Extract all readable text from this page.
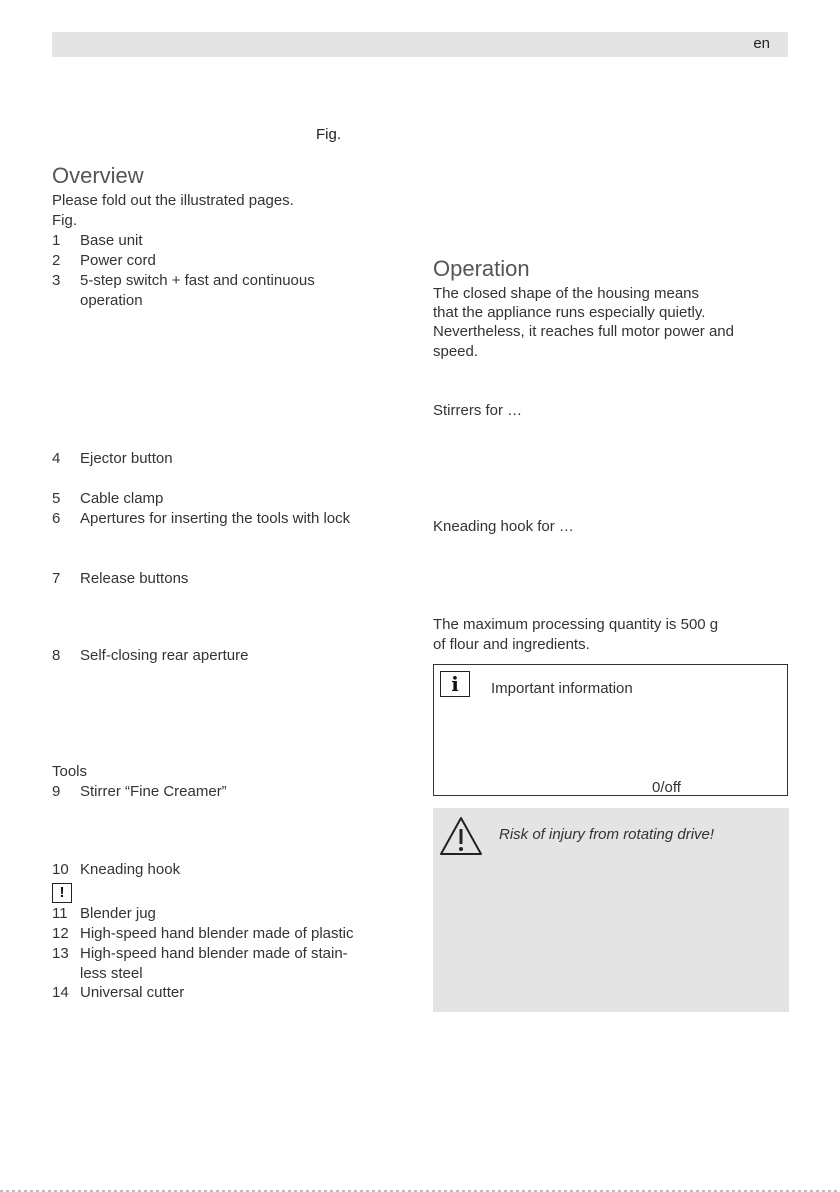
en
Fig.
Overview
Please fold out the illustrated pages.
Fig.
1	Base unit
2	Power cord
3	5-step switch + fast and continuous
operation
4	Ejector button
5	Cable clamp
6	Apertures for inserting the tools with lock
7	Release buttons
8	Self-closing rear aperture
Tools
9	Stirrer “Fine Creamer”
10 Kneading hook
!
11 Blender jug
12 High-speed hand blender made of plastic
13 High-speed hand blender made of stain-
less steel
14 Universal cutter
Operation
The closed shape of the housing means
that the appliance runs especially quietly.
Nevertheless, it reaches full motor power and
speed.
Stirrers for …
Kneading hook for …
The maximum processing quantity is 500 g
of flour and ingredients.
i	Important information
0/off
Risk of injury from rotating drive!
